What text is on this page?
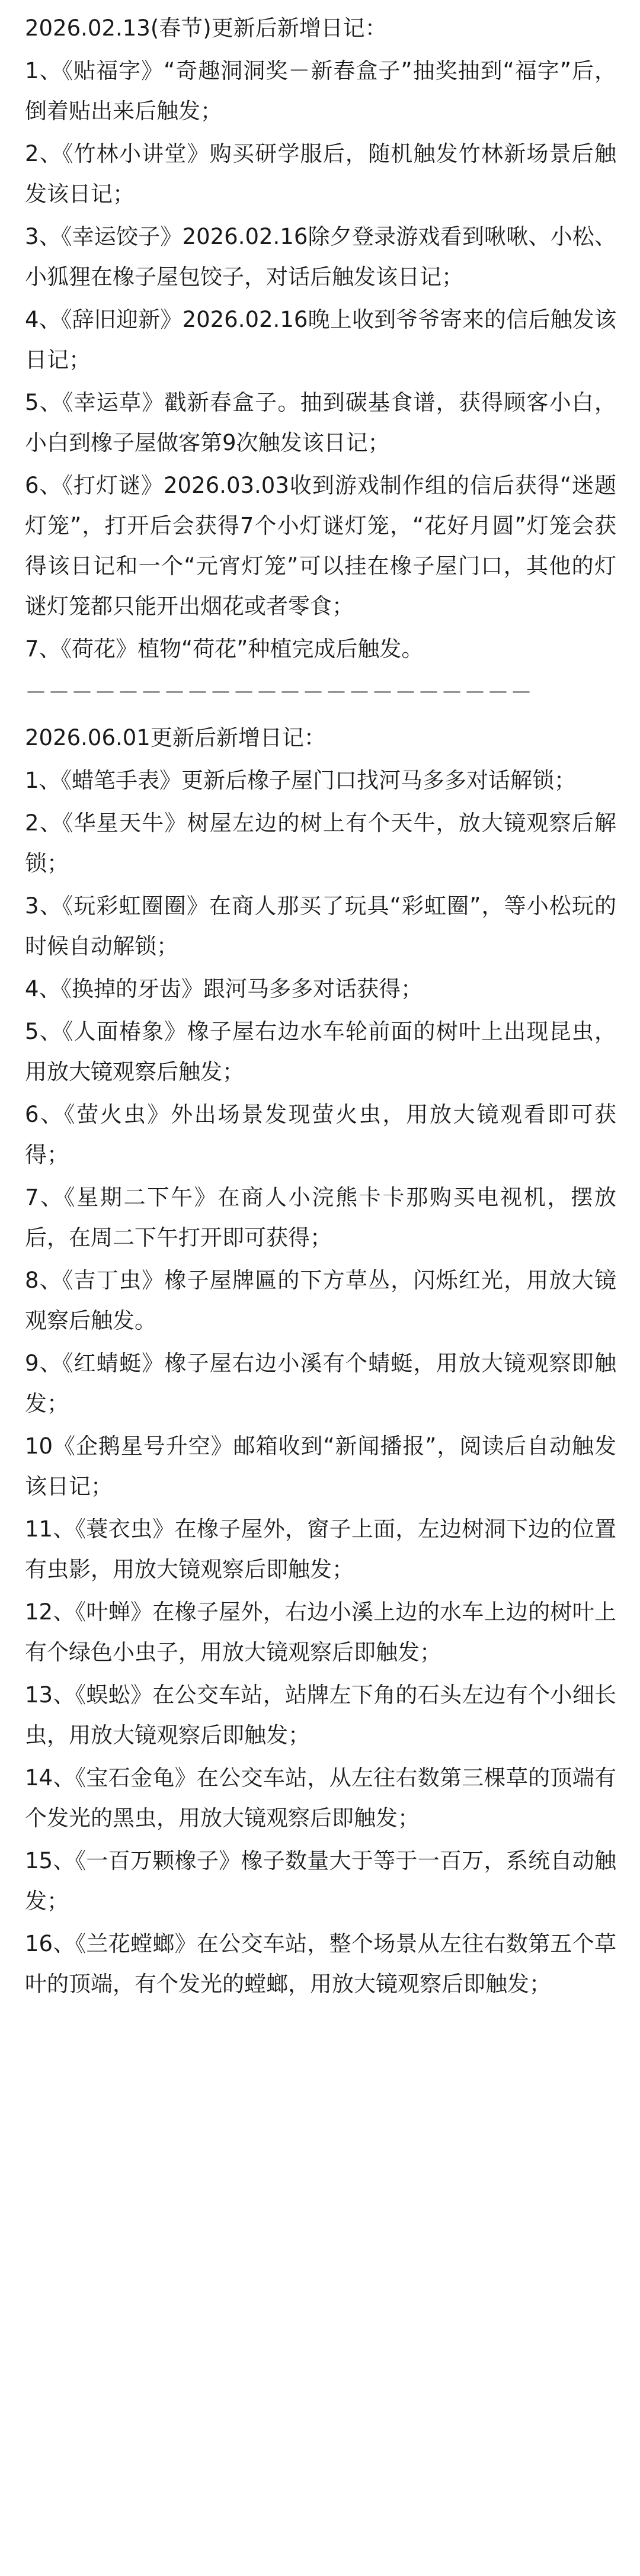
2026.02.13(春节)更新后新增日记：

1、《贴福字》“奇趣洞洞奖－新春盒子”抽奖抽到“福字”后，倒着贴出来后触发；

2、《竹林小讲堂》购买研学服后，随机触发竹林新场景后触发该日记；

3、《幸运饺子》2026.02.16除夕登录游戏看到啾啾、小松、小狐狸在橡子屋包饺子，对话后触发该日记；

4、《辞旧迎新》2026.02.16晚上收到爷爷寄来的信后触发该日记；

5、《幸运草》戳新春盒子。抽到碳基食谱，获得顾客小白，小白到橡子屋做客第9次触发该日记；

6、《打灯谜》2026.03.03收到游戏制作组的信后获得“迷题灯笼”，打开后会获得7个小灯谜灯笼，“花好月圆”灯笼会获得该日记和一个“元宵灯笼”可以挂在橡子屋门口，其他的灯谜灯笼都只能开出烟花或者零食；

7、《荷花》植物“荷花”种植完成后触发。

－－－－－－－－－－－－－－－－－－－－－－

2026.06.01更新后新增日记：

1、《蜡笔手表》更新后橡子屋门口找河马多多对话解锁；

2、《华星天牛》树屋左边的树上有个天牛，放大镜观察后解锁；

3、《玩彩虹圈圈》在商人那买了玩具“彩虹圈”，等小松玩的时候自动解锁；

4、《换掉的牙齿》跟河马多多对话获得；

5、《人面椿象》橡子屋右边水车轮前面的树叶上出现昆虫，用放大镜观察后触发；

6、《萤火虫》外出场景发现萤火虫，用放大镜观看即可获得；

7、《星期二下午》在商人小浣熊卡卡那购买电视机，摆放后，在周二下午打开即可获得；

8、《吉丁虫》橡子屋牌匾的下方草丛，闪烁红光，用放大镜观察后触发。

9、《红蜻蜓》橡子屋右边小溪有个蜻蜓，用放大镜观察即触发；

10《企鹅星号升空》邮箱收到“新闻播报”，阅读后自动触发该日记；

11、《蓑衣虫》在橡子屋外，窗子上面，左边树洞下边的位置有虫影，用放大镜观察后即触发；

12、《叶蝉》在橡子屋外，右边小溪上边的水车上边的树叶上有个绿色小虫子，用放大镜观察后即触发；

13、《蜈蚣》在公交车站，站牌左下角的石头左边有个小细长虫，用放大镜观察后即触发；

14、《宝石金龟》在公交车站，从左往右数第三棵草的顶端有个发光的黑虫，用放大镜观察后即触发；

15、《一百万颗橡子》橡子数量大于等于一百万，系统自动触发；

16、《兰花螳螂》在公交车站，整个场景从左往右数第五个草叶的顶端，有个发光的螳螂，用放大镜观察后即触发；
